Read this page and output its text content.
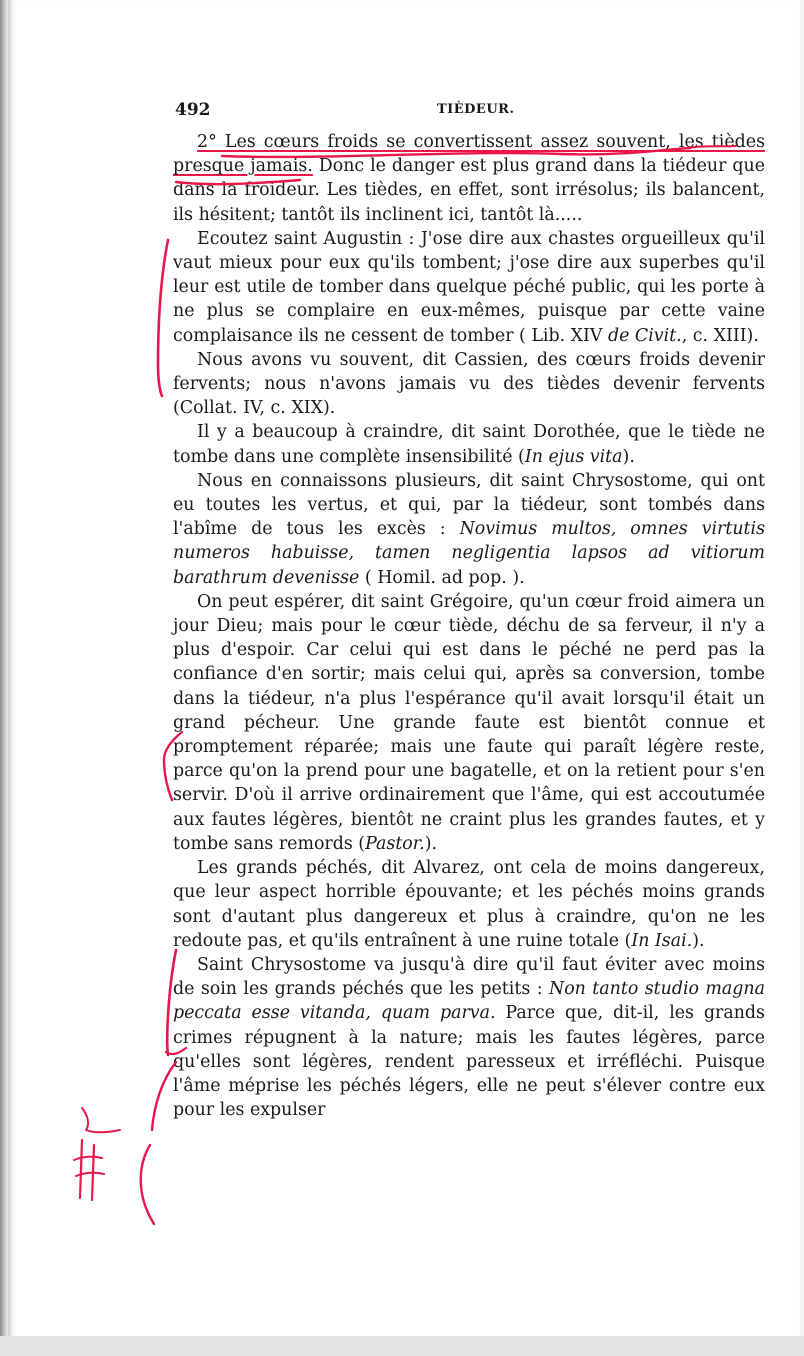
492	TIÈDEUR.

2° Les cœurs froids se convertissent assez souvent, les tièdes presque jamais. Donc le danger est plus grand dans la tiédeur que dans la froideur. Les tièdes, en effet, sont irrésolus; ils balancent, ils hésitent; tantôt ils inclinent ici, tantôt là.....

Ecoutez saint Augustin : J'ose dire aux chastes orgueilleux qu'il vaut mieux pour eux qu'ils tombent; j'ose dire aux superbes qu'il leur est utile de tomber dans quelque péché public, qui les porte à ne plus se complaire en eux-mêmes, puisque par cette vaine complaisance ils ne cessent de tomber ( Lib. XIV de Civit., c. XIII).

Nous avons vu souvent, dit Cassien, des cœurs froids devenir fervents; nous n'avons jamais vu des tièdes devenir fervents (Collat. IV, c. XIX).

Il y a beaucoup à craindre, dit saint Dorothée, que le tiède ne tombe dans une complète insensibilité (In ejus vita).

Nous en connaissons plusieurs, dit saint Chrysostome, qui ont eu toutes les vertus, et qui, par la tiédeur, sont tombés dans l'abîme de tous les excès : Novimus multos, omnes virtutis numeros habuisse, tamen negligentia lapsos ad vitiorum barathrum devenisse ( Homil. ad pop. ).

On peut espérer, dit saint Grégoire, qu'un cœur froid aimera un jour Dieu; mais pour le cœur tiède, déchu de sa ferveur, il n'y a plus d'espoir. Car celui qui est dans le péché ne perd pas la confiance d'en sortir; mais celui qui, après sa conversion, tombe dans la tiédeur, n'a plus l'espérance qu'il avait lorsqu'il était un grand pécheur. Une grande faute est bientôt connue et promptement réparée; mais une faute qui paraît légère reste, parce qu'on la prend pour une bagatelle, et on la retient pour s'en servir. D'où il arrive ordinairement que l'âme, qui est accoutumée aux fautes légères, bientôt ne craint plus les grandes fautes, et y tombe sans remords (Pastor.).

Les grands péchés, dit Alvarez, ont cela de moins dangereux, que leur aspect horrible épouvante; et les péchés moins grands sont d'autant plus dangereux et plus à craindre, qu'on ne les redoute pas, et qu'ils entraînent à une ruine totale (In Isai.).

Saint Chrysostome va jusqu'à dire qu'il faut éviter avec moins de soin les grands péchés que les petits : Non tanto studio magna peccata esse vitanda, quam parva. Parce que, dit-il, les grands crimes répugnent à la nature; mais les fautes légères, parce qu'elles sont légères, rendent paresseux et irréfléchi. Puisque l'âme méprise les péchés légers, elle ne peut s'élever contre eux pour les expulser
